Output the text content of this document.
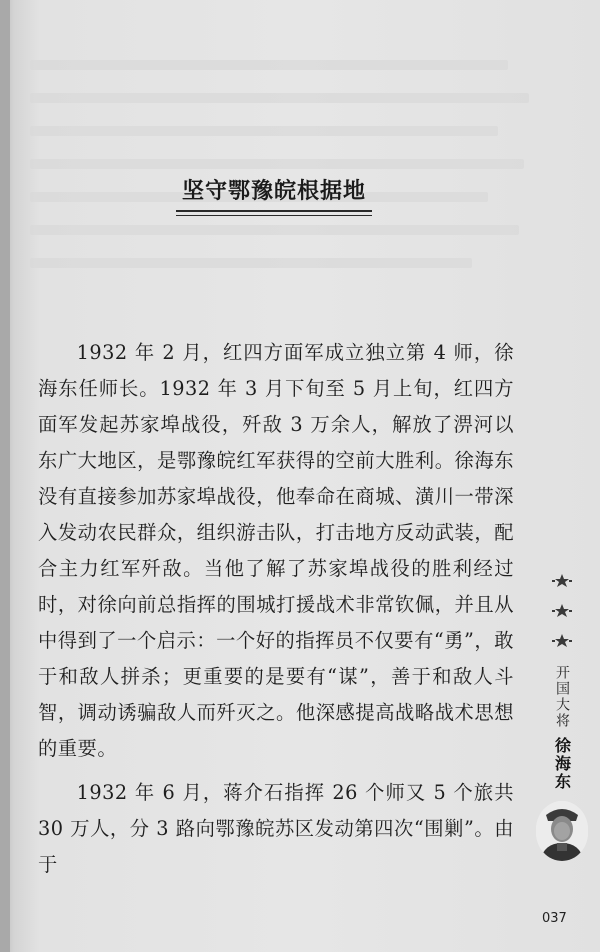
坚守鄂豫皖根据地

1932 年 2 月，红四方面军成立独立第 4 师，徐海东任师长。1932 年 3 月下旬至 5 月上旬，红四方面军发起苏家埠战役，歼敌 3 万余人，解放了淠河以东广大地区，是鄂豫皖红军获得的空前大胜利。徐海东没有直接参加苏家埠战役，他奉命在商城、潢川一带深入发动农民群众，组织游击队，打击地方反动武装，配合主力红军歼敌。当他了解了苏家埠战役的胜利经过时，对徐向前总指挥的围城打援战术非常钦佩，并且从中得到了一个启示：一个好的指挥员不仅要有“勇”，敢于和敌人拼杀；更重要的是要有“谋”，善于和敌人斗智，调动诱骗敌人而歼灭之。他深感提高战略战术思想的重要。

1932 年 6 月，蒋介石指挥 26 个师又 5 个旅共 30 万人，分 3 路向鄂豫皖苏区发动第四次“围剿”。由于

开国大将
徐海东
037
